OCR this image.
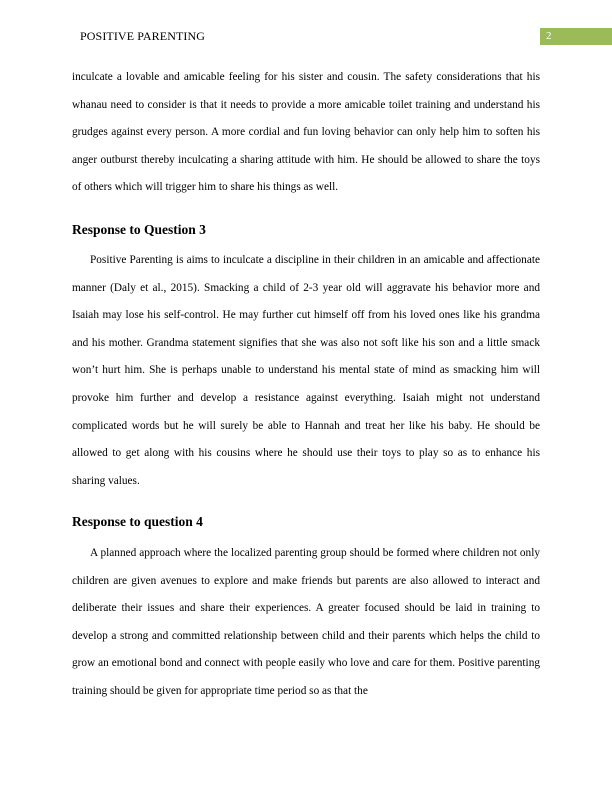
POSITIVE PARENTING	2

inculcate a lovable and amicable feeling for his sister and cousin. The safety considerations that his whanau need to consider is that it needs to provide a more amicable toilet training and understand his grudges against every person. A more cordial and fun loving behavior can only help him to soften his anger outburst thereby inculcating a sharing attitude with him. He should be allowed to share the toys of others which will trigger him to share his things as well.

Response to Question 3

Positive Parenting is aims to inculcate a discipline in their children in an amicable and affectionate manner (Daly et al., 2015). Smacking a child of 2-3 year old will aggravate his behavior more and Isaiah may lose his self-control. He may further cut himself off from his loved ones like his grandma and his mother. Grandma statement signifies that she was also not soft like his son and a little smack won’t hurt him. She is perhaps unable to understand his mental state of mind as smacking him will provoke him further and develop a resistance against everything. Isaiah might not understand complicated words but he will surely be able to Hannah and treat her like his baby. He should be allowed to get along with his cousins where he should use their toys to play so as to enhance his sharing values.

Response to question 4

A planned approach where the localized parenting group should be formed where children not only children are given avenues to explore and make friends but parents are also allowed to interact and deliberate their issues and share their experiences. A greater focused should be laid in training to develop a strong and committed relationship between child and their parents which helps the child to grow an emotional bond and connect with people easily who love and care for them. Positive parenting training should be given for appropriate time period so as that the
